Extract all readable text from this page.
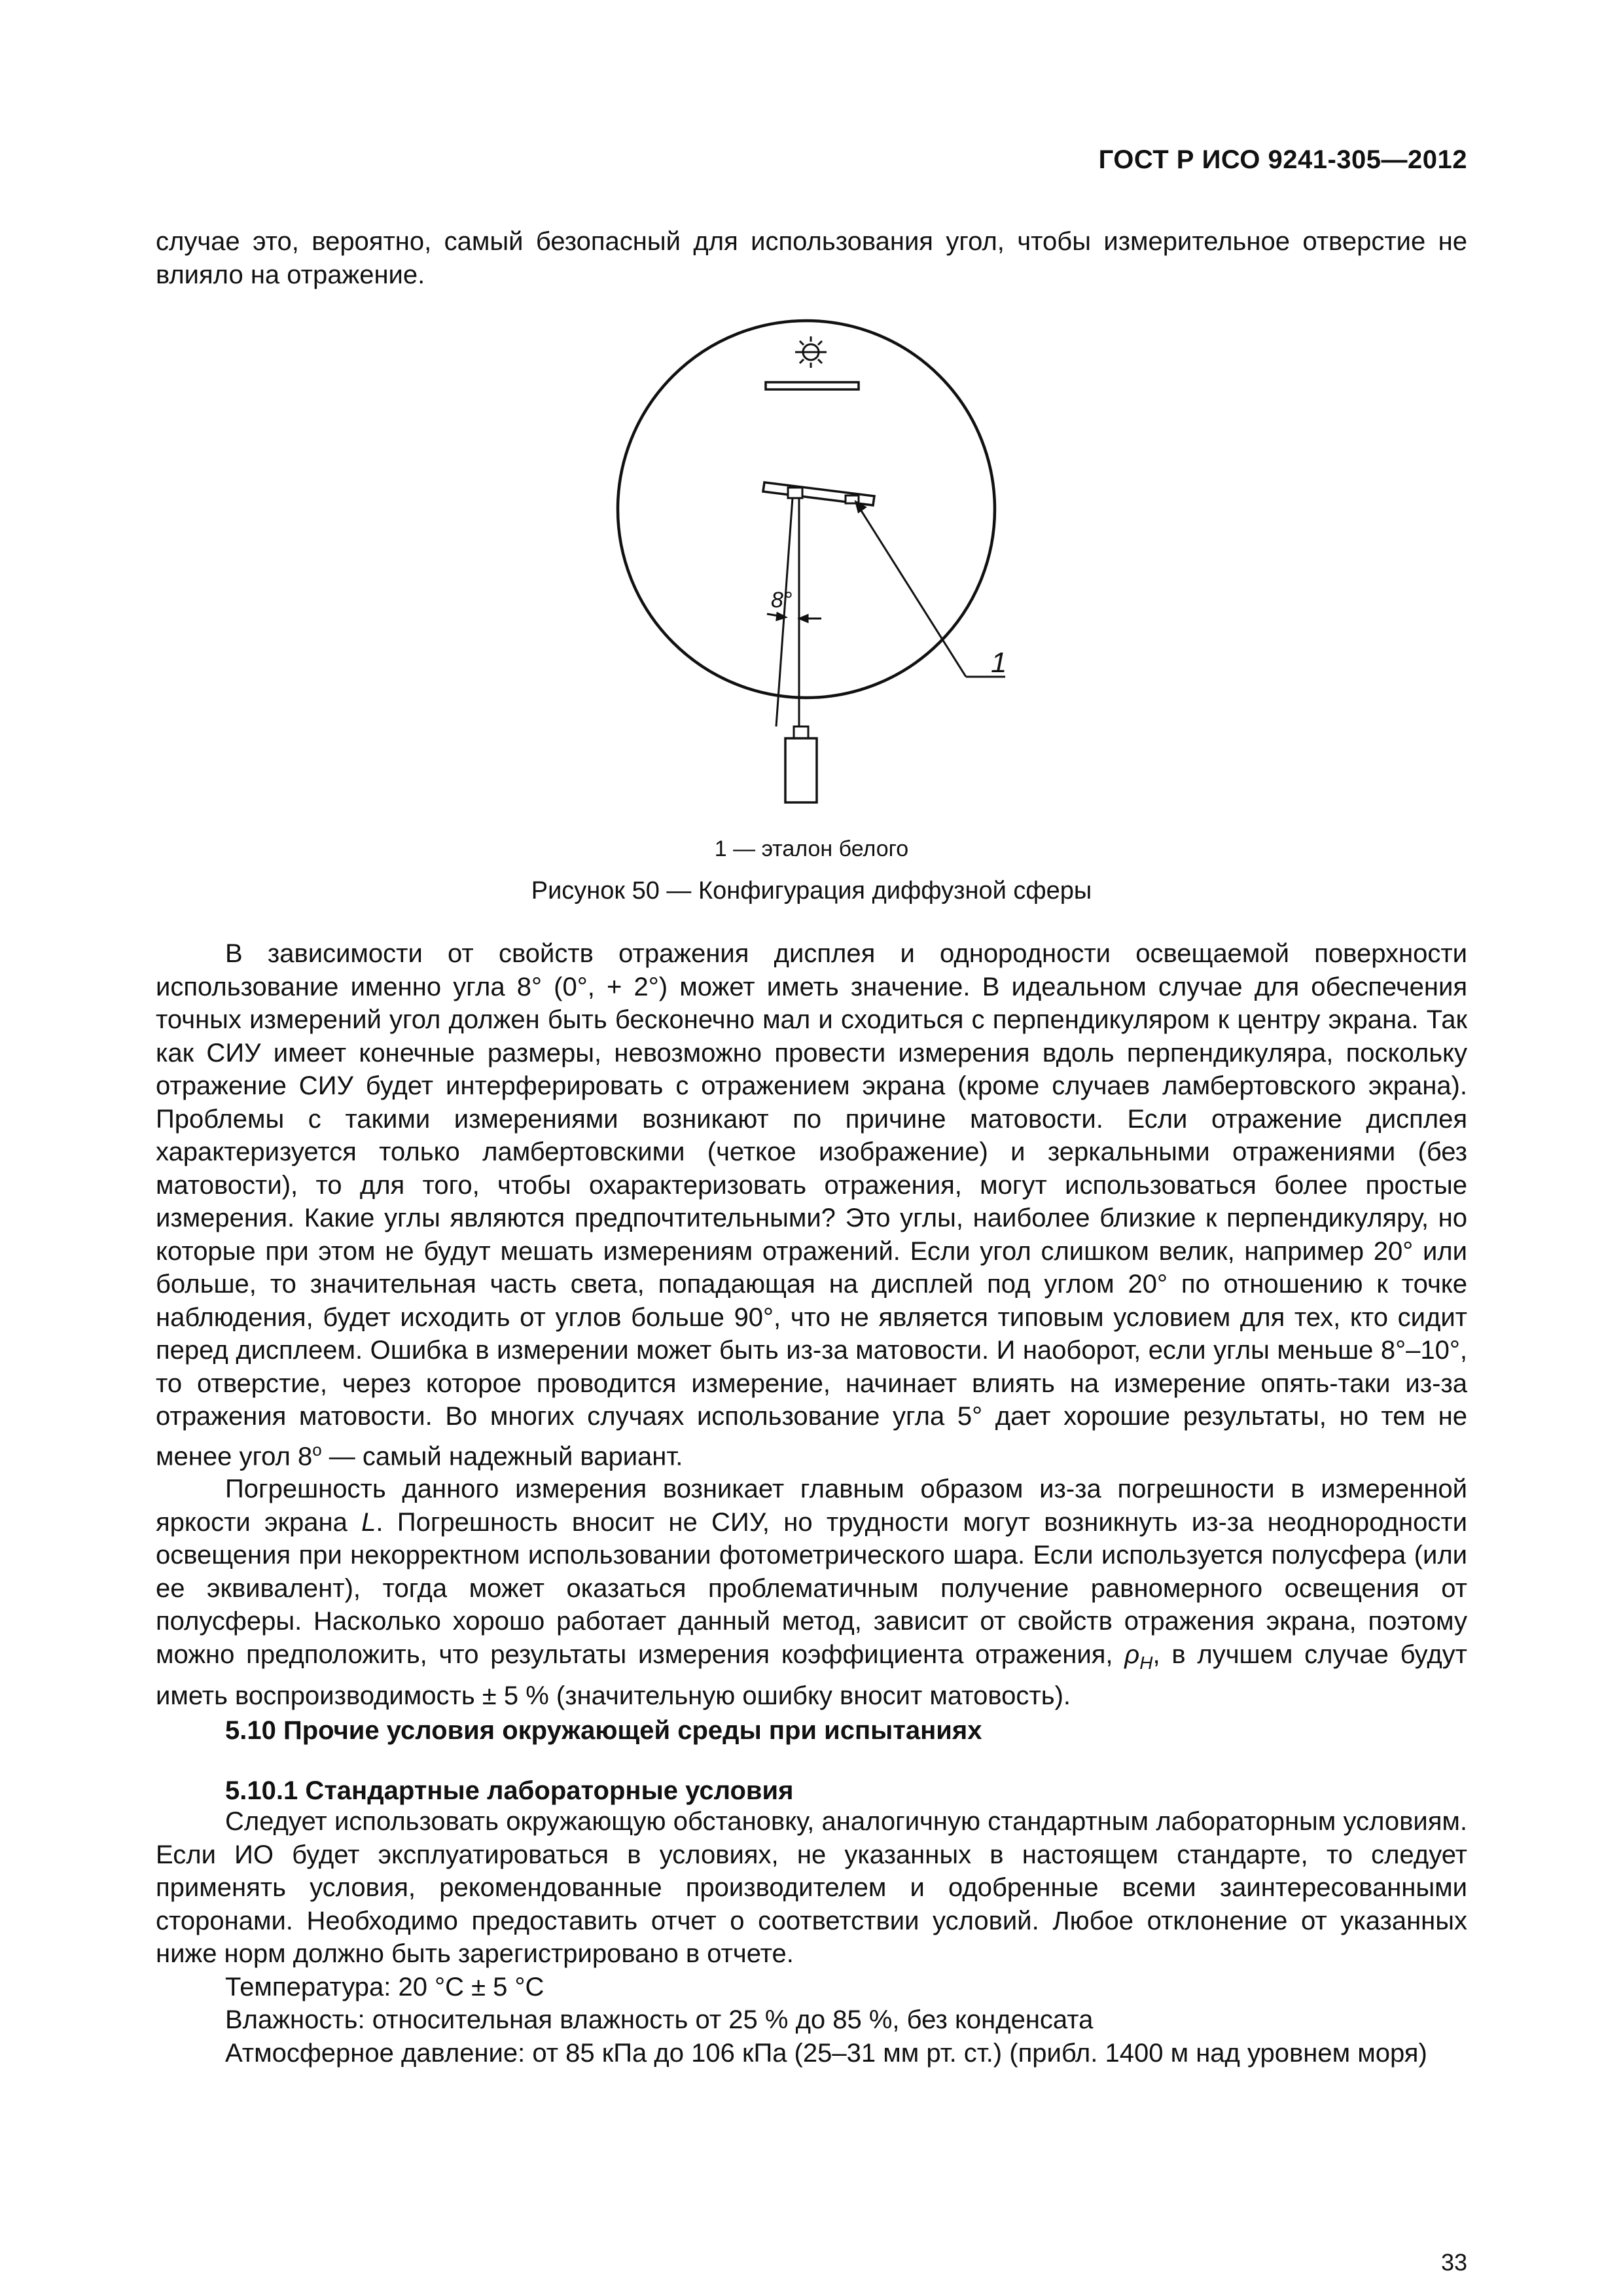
ГОСТ Р ИСО 9241-305—2012
случае это, вероятно, самый безопасный для использования угол, чтобы измерительное отверстие не влияло на отражение.
8°
1
1 — эталон белого
Рисунок 50 — Конфигурация диффузной сферы

В зависимости от свойств отражения дисплея и однородности освещаемой поверхности использование именно угла 8° (0°, + 2°) может иметь значение. В идеальном случае для обеспечения точных измерений угол должен быть бесконечно мал и сходиться с перпендикуляром к центру экрана. Так как СИУ имеет конечные размеры, невозможно провести измерения вдоль перпендикуляра, поскольку отражение СИУ будет интерферировать с отражением экрана (кроме случаев ламбертовского экрана). Проблемы с такими измерениями возникают по причине матовости. Если отражение дисплея характеризуется только ламбертовскими (четкое изображение) и зеркальными отражениями (без матовости), то для того, чтобы охарактеризовать отражения, могут использоваться более простые измерения. Какие углы являются предпочтительными? Это углы, наиболее близкие к перпендикуляру, но которые при этом не будут мешать измерениям отражений. Если угол слишком велик, например 20° или больше, то значительная часть света, попадающая на дисплей под углом 20° по отношению к точке наблюдения, будет исходить от углов больше 90°, что не является типовым условием для тех, кто сидит перед дисплеем. Ошибка в измерении может быть из-за матовости. И наоборот, если углы меньше 8°–10°, то отверстие, через которое проводится измерение, начинает влиять на измерение опять-таки из-за отражения матовости. Во многих случаях использование угла 5° дает хорошие результаты, но тем не менее угол $8^о$ — самый надежный вариант.

Погрешность данного измерения возникает главным образом из-за погрешности в измеренной яркости экрана L. Погрешность вносит не СИУ, но трудности могут возникнуть из-за неоднородности освещения при некорректном использовании фотометрического шара. Если используется полусфера (или ее эквивалент), тогда может оказаться проблематичным получение равномерного освещения от полусферы. Насколько хорошо работает данный метод, зависит от свойств отражения экрана, поэтому можно предположить, что результаты измерения коэффициента отражения, $\rho_H$, в лучшем случае будут иметь воспроизводимость ± 5 % (значительную ошибку вносит матовость).

5.10 Прочие условия окружающей среды при испытаниях
5.10.1 Стандартные лабораторные условия

Следует использовать окружающую обстановку, аналогичную стандартным лабораторным условиям. Если ИО будет эксплуатироваться в условиях, не указанных в настоящем стандарте, то следует применять условия, рекомендованные производителем и одобренные всеми заинтересованными сторонами. Необходимо предоставить отчет о соответствии условий. Любое отклонение от указанных ниже норм должно быть зарегистрировано в отчете.

Температура: 20 °C ± 5 °C

Влажность: относительная влажность от 25 % до 85 %, без конденсата

Атмосферное давление: от 85 кПа до 106 кПа (25–31 мм рт. ст.) (прибл. 1400 м над уровнем моря)

33
